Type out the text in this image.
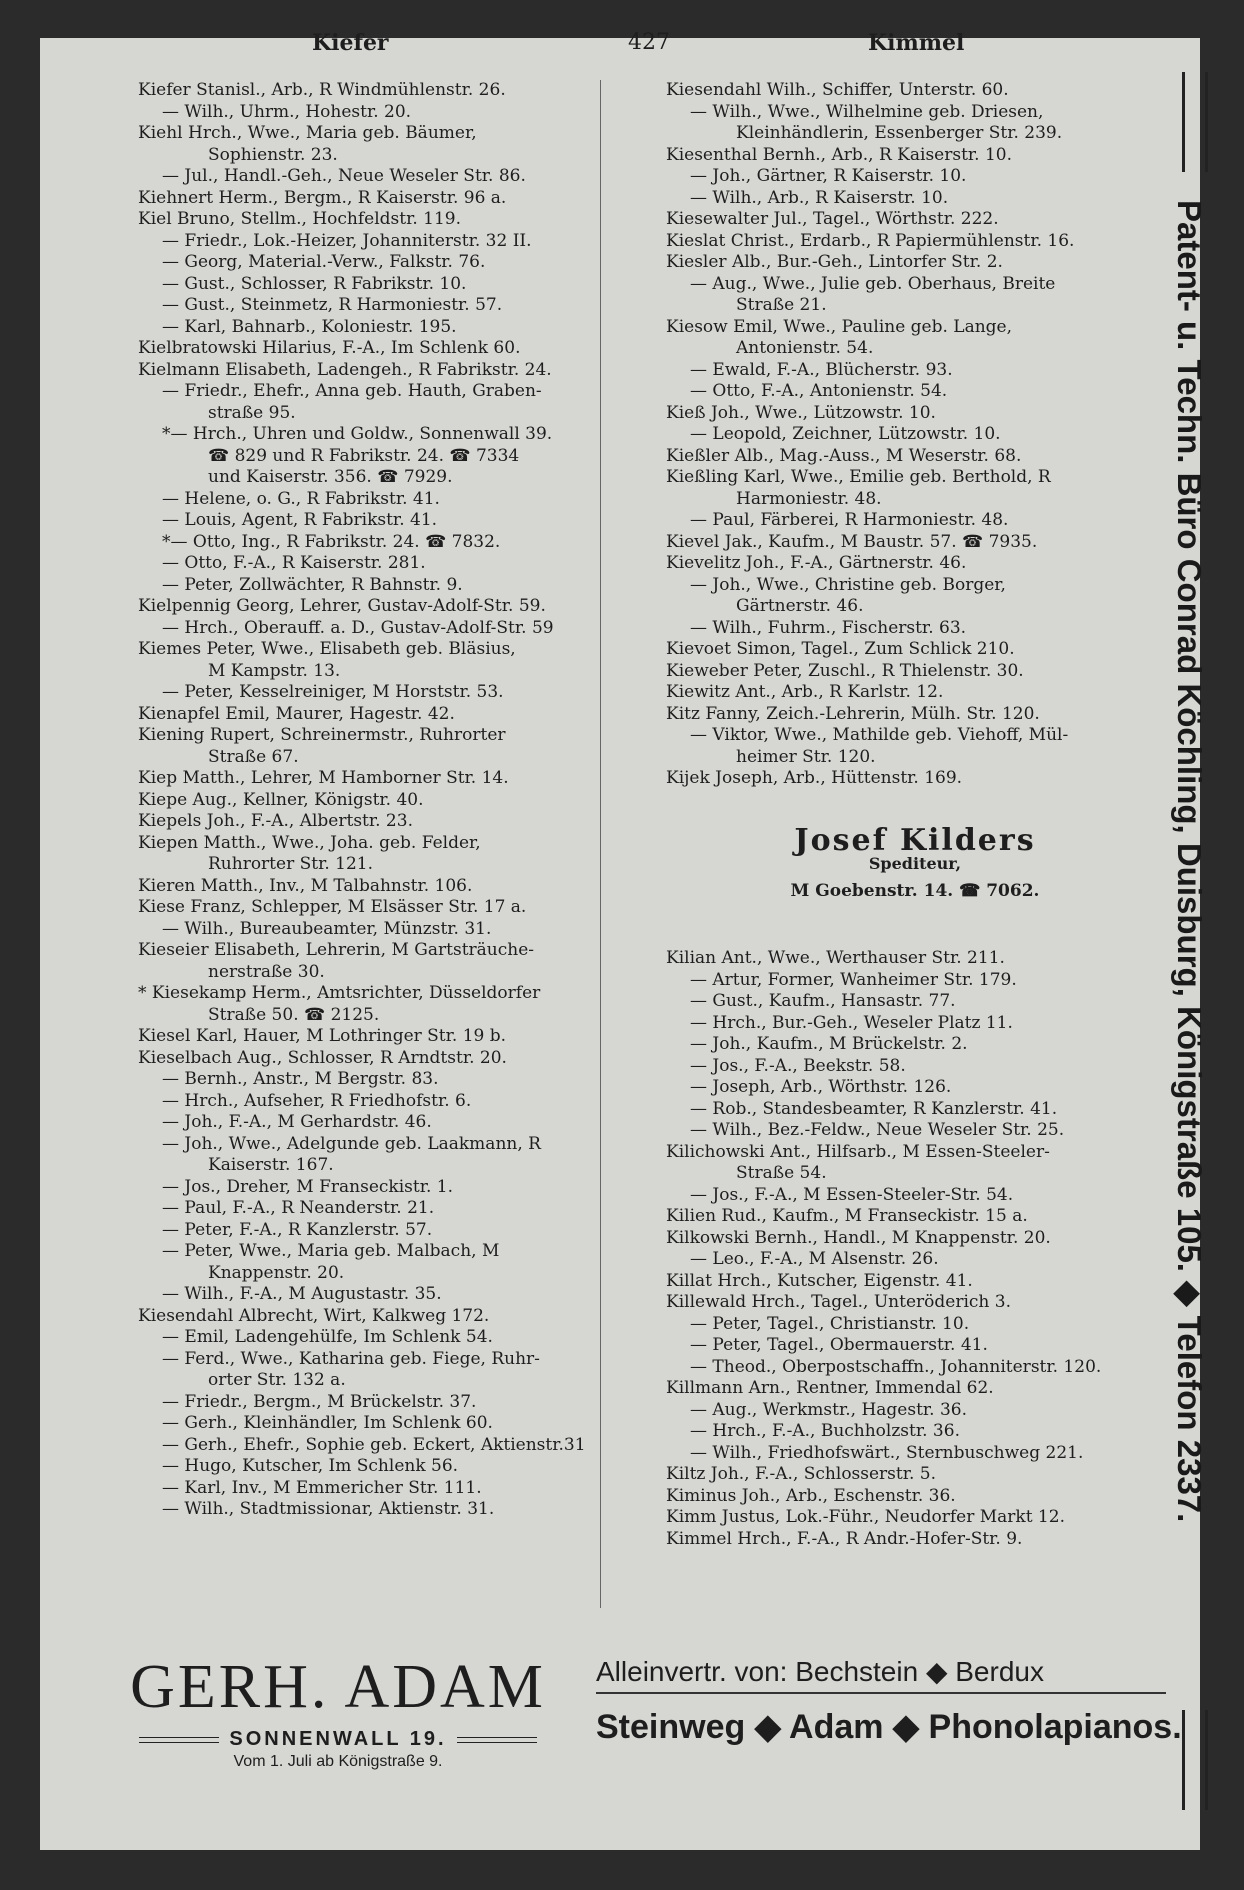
Kiefer	427	Kimmel
Kiefer Stanisl., Arb., R Windmühlenstr. 26.
— Wilh., Uhrm., Hohestr. 20.
Kiehl Hrch., Wwe., Maria geb. Bäumer,
Sophienstr. 23.
— Jul., Handl.-Geh., Neue Weseler Str. 86.
Kiehnert Herm., Bergm., R Kaiserstr. 96 a.
Kiel Bruno, Stellm., Hochfeldstr. 119.
— Friedr., Lok.-Heizer, Johanniterstr. 32 II.
— Georg, Material.-Verw., Falkstr. 76.
— Gust., Schlosser, R Fabrikstr. 10.
— Gust., Steinmetz, R Harmoniestr. 57.
— Karl, Bahnarb., Koloniestr. 195.
Kielbratowski Hilarius, F.-A., Im Schlenk 60.
Kielmann Elisabeth, Ladengeh., R Fabrikstr. 24.
— Friedr., Ehefr., Anna geb. Hauth, Graben-
straße 95.
*— Hrch., Uhren und Goldw., Sonnenwall 39.
☎ 829 und R Fabrikstr. 24. ☎ 7334
und Kaiserstr. 356. ☎ 7929.
— Helene, o. G., R Fabrikstr. 41.
— Louis, Agent, R Fabrikstr. 41.
*— Otto, Ing., R Fabrikstr. 24. ☎ 7832.
— Otto, F.-A., R Kaiserstr. 281.
— Peter, Zollwächter, R Bahnstr. 9.
Kielpennig Georg, Lehrer, Gustav-Adolf-Str. 59.
— Hrch., Oberauff. a. D., Gustav-Adolf-Str. 59
Kiemes Peter, Wwe., Elisabeth geb. Bläsius,
M Kampstr. 13.
— Peter, Kesselreiniger, M Horststr. 53.
Kienapfel Emil, Maurer, Hagestr. 42.
Kiening Rupert, Schreinermstr., Ruhrorter
Straße 67.
Kiep Matth., Lehrer, M Hamborner Str. 14.
Kiepe Aug., Kellner, Königstr. 40.
Kiepels Joh., F.-A., Albertstr. 23.
Kiepen Matth., Wwe., Joha. geb. Felder,
Ruhrorter Str. 121.
Kieren Matth., Inv., M Talbahnstr. 106.
Kiese Franz, Schlepper, M Elsässer Str. 17 a.
— Wilh., Bureaubeamter, Münzstr. 31.
Kieseier Elisabeth, Lehrerin, M Gartsträuche-
nerstraße 30.
* Kiesekamp Herm., Amtsrichter, Düsseldorfer
Straße 50. ☎ 2125.
Kiesel Karl, Hauer, M Lothringer Str. 19 b.
Kieselbach Aug., Schlosser, R Arndtstr. 20.
— Bernh., Anstr., M Bergstr. 83.
— Hrch., Aufseher, R Friedhofstr. 6.
— Joh., F.-A., M Gerhardstr. 46.
— Joh., Wwe., Adelgunde geb. Laakmann, R
Kaiserstr. 167.
— Jos., Dreher, M Franseckistr. 1.
— Paul, F.-A., R Neanderstr. 21.
— Peter, F.-A., R Kanzlerstr. 57.
— Peter, Wwe., Maria geb. Malbach, M
Knappenstr. 20.
— Wilh., F.-A., M Augustastr. 35.
Kiesendahl Albrecht, Wirt, Kalkweg 172.
— Emil, Ladengehülfe, Im Schlenk 54.
— Ferd., Wwe., Katharina geb. Fiege, Ruhr-
orter Str. 132 a.
— Friedr., Bergm., M Brückelstr. 37.
— Gerh., Kleinhändler, Im Schlenk 60.
— Gerh., Ehefr., Sophie geb. Eckert, Aktienstr.31
— Hugo, Kutscher, Im Schlenk 56.
— Karl, Inv., M Emmericher Str. 111.
— Wilh., Stadtmissionar, Aktienstr. 31.
Kiesendahl Wilh., Schiffer, Unterstr. 60.
— Wilh., Wwe., Wilhelmine geb. Driesen,
Kleinhändlerin, Essenberger Str. 239.
Kiesenthal Bernh., Arb., R Kaiserstr. 10.
— Joh., Gärtner, R Kaiserstr. 10.
— Wilh., Arb., R Kaiserstr. 10.
Kiesewalter Jul., Tagel., Wörthstr. 222.
Kieslat Christ., Erdarb., R Papiermühlenstr. 16.
Kiesler Alb., Bur.-Geh., Lintorfer Str. 2.
— Aug., Wwe., Julie geb. Oberhaus, Breite
Straße 21.
Kiesow Emil, Wwe., Pauline geb. Lange,
Antonienstr. 54.
— Ewald, F.-A., Blücherstr. 93.
— Otto, F.-A., Antonienstr. 54.
Kieß Joh., Wwe., Lützowstr. 10.
— Leopold, Zeichner, Lützowstr. 10.
Kießler Alb., Mag.-Auss., M Weserstr. 68.
Kießling Karl, Wwe., Emilie geb. Berthold, R
Harmoniestr. 48.
— Paul, Färberei, R Harmoniestr. 48.
Kievel Jak., Kaufm., M Baustr. 57. ☎ 7935.
Kievelitz Joh., F.-A., Gärtnerstr. 46.
— Joh., Wwe., Christine geb. Borger,
Gärtnerstr. 46.
— Wilh., Fuhrm., Fischerstr. 63.
Kievoet Simon, Tagel., Zum Schlick 210.
Kieweber Peter, Zuschl., R Thielenstr. 30.
Kiewitz Ant., Arb., R Karlstr. 12.
Kitz Fanny, Zeich.-Lehrerin, Mülh. Str. 120.
— Viktor, Wwe., Mathilde geb. Viehoff, Mül-
heimer Str. 120.
Kijek Joseph, Arb., Hüttenstr. 169.
Josef Kilders
Spediteur,
M Goebenstr. 14. ☎ 7062.
Kilian Ant., Wwe., Werthauser Str. 211.
— Artur, Former, Wanheimer Str. 179.
— Gust., Kaufm., Hansastr. 77.
— Hrch., Bur.-Geh., Weseler Platz 11.
— Joh., Kaufm., M Brückelstr. 2.
— Jos., F.-A., Beekstr. 58.
— Joseph, Arb., Wörthstr. 126.
— Rob., Standesbeamter, R Kanzlerstr. 41.
— Wilh., Bez.-Feldw., Neue Weseler Str. 25.
Kilichowski Ant., Hilfsarb., M Essen-Steeler-
Straße 54.
— Jos., F.-A., M Essen-Steeler-Str. 54.
Kilien Rud., Kaufm., M Franseckistr. 15 a.
Kilkowski Bernh., Handl., M Knappenstr. 20.
— Leo., F.-A., M Alsenstr. 26.
Killat Hrch., Kutscher, Eigenstr. 41.
Killewald Hrch., Tagel., Unteröderich 3.
— Peter, Tagel., Christianstr. 10.
— Peter, Tagel., Obermauerstr. 41.
— Theod., Oberpostschaffn., Johanniterstr. 120.
Killmann Arn., Rentner, Immendal 62.
— Aug., Werkmstr., Hagestr. 36.
— Hrch., F.-A., Buchholzstr. 36.
— Wilh., Friedhofswärt., Sternbuschweg 221.
Kiltz Joh., F.-A., Schlosserstr. 5.
Kiminus Joh., Arb., Eschenstr. 36.
Kimm Justus, Lok.-Führ., Neudorfer Markt 12.
Kimmel Hrch., F.-A., R Andr.-Hofer-Str. 9.
GERH. ADAM
SONNENWALL 19.
Vom 1. Juli ab Königstraße 9.
Alleinvertr. von: Bechstein ◆ Berdux
Steinweg ◆ Adam ◆ Phonolapianos.
Patent- u. Techn. Büro Conrad Köchling, Duisburg, Königstraße 105. ◆ Telefon 2337.
